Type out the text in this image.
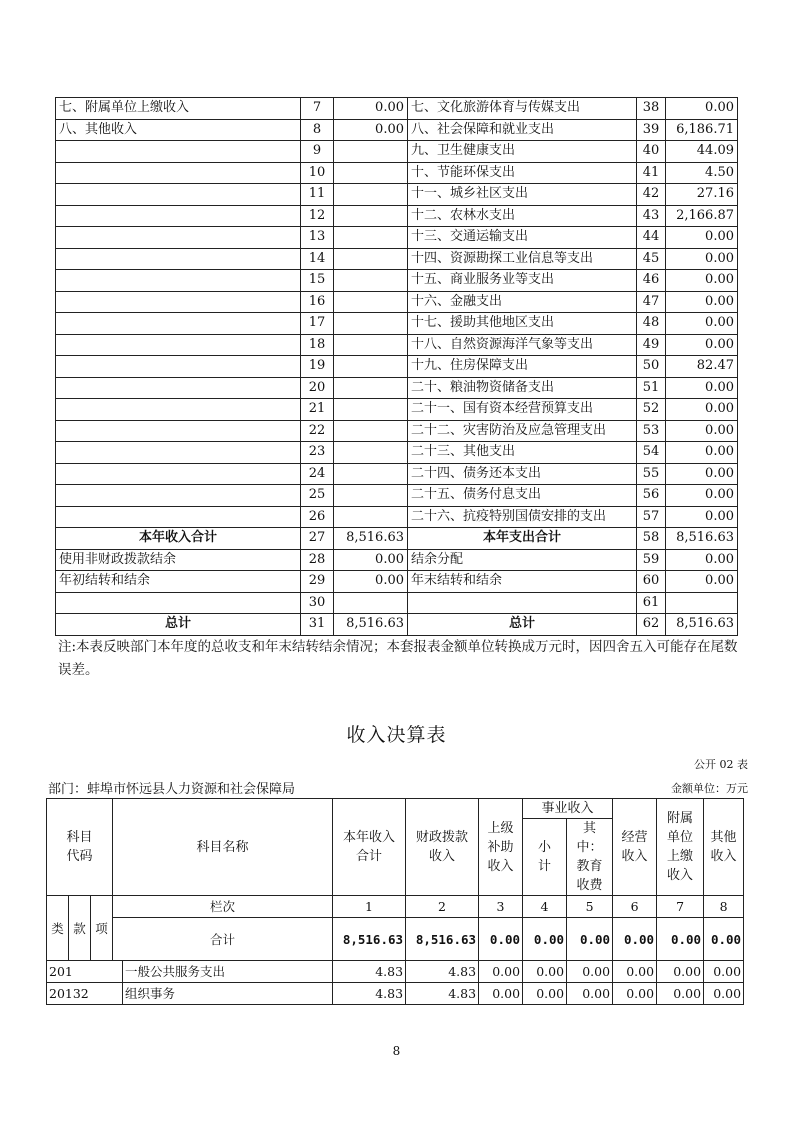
七、附属单位上缴收入	7	0.00	七、文化旅游体育与传媒支出	38	0.00
八、其他收入	8	0.00	八、社会保障和就业支出	39	6,186.71
	9		九、卫生健康支出	40	44.09
	10		十、节能环保支出	41	4.50
	11		十一、城乡社区支出	42	27.16
	12		十二、农林水支出	43	2,166.87
	13		十三、交通运输支出	44	0.00
	14		十四、资源勘探工业信息等支出	45	0.00
	15		十五、商业服务业等支出	46	0.00
	16		十六、金融支出	47	0.00
	17		十七、援助其他地区支出	48	0.00
	18		十八、自然资源海洋气象等支出	49	0.00
	19		十九、住房保障支出	50	82.47
	20		二十、粮油物资储备支出	51	0.00
	21		二十一、国有资本经营预算支出	52	0.00
	22		二十二、灾害防治及应急管理支出	53	0.00
	23		二十三、其他支出	54	0.00
	24		二十四、债务还本支出	55	0.00
	25		二十五、债务付息支出	56	0.00
	26		二十六、抗疫特别国债安排的支出	57	0.00
本年收入合计	27	8,516.63	本年支出合计	58	8,516.63
使用非财政拨款结余	28	0.00	结余分配	59	0.00
年初结转和结余	29	0.00	年末结转和结余	60	0.00
	30			61	
总计	31	8,516.63	总计	62	8,516.63
注:本表反映部门本年度的总收支和年末结转结余情况；本套报表金额单位转换成万元时，因四舍五入可能存在尾数误差。
收入决算表
公开 02 表
部门：蚌埠市怀远县人力资源和社会保障局	金额单位：万元
科目代码			科目名称		本年收入合计	财政拨款收入	上级补助收入	事业收入		经营收入	附属单位上缴收入	其他收入
								小计	其中：教育收费			
类	款	项	栏次		1	2	3	4	5	6	7	8
			合计		8,516.63	8,516.63	0.00	0.00	0.00	0.00	0.00	0.00
201				一般公共服务支出	4.83	4.83	0.00	0.00	0.00	0.00	0.00	0.00
20132				组织事务	4.83	4.83	0.00	0.00	0.00	0.00	0.00	0.00
8
